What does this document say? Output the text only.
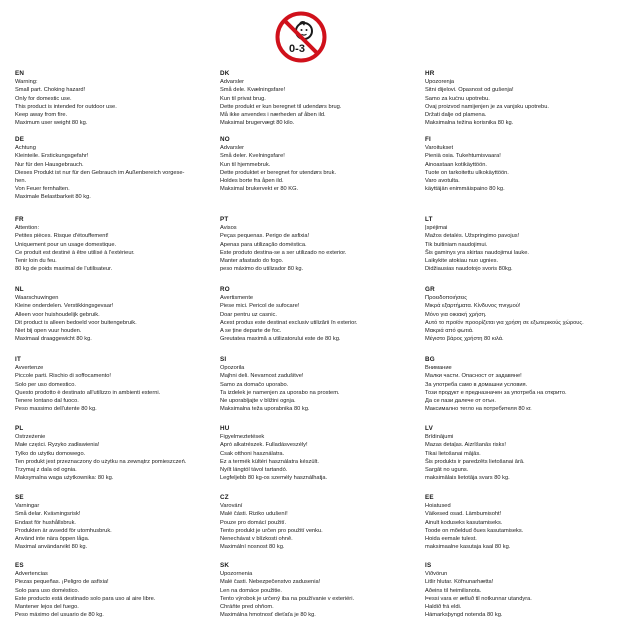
0-3
EN
Warning:
Small part. Choking hazard!
Only for domestic use.
This product is intended for outdoor use.
Keep away from fire.
Maximum user weight 80 kg.
DE
Achtung
Kleinteile. Erstickungsgefahr!
Nur für den Hausgebrauch.
Dieses Produkt ist nur für den Gebrauch im Außenbereich vorgese-
hen.
Von Feuer fernhalten.
Maximale Belastbarkeit 80 kg.
FR
Attention:
Petites pièces. Risque d'étouffement!
Uniquement pour un usage domestique.
Ce produit est destiné à être utilisé à l'extérieur.
Tenir loin du feu.
80 kg de poids maximal de l'utilisateur.
NL
Waarschuwingen
Kleine onderdelen. Verstikkingsgevaar!
Alleen voor huishoudelijk gebruik.
Dit product is alleen bedoeld voor buitengebruik.
Niet bij open vuur houden.
Maximaal draaggewicht 80 kg.
IT
Avvertenze
Piccole parti. Rischio di soffocamento!
Solo per uso domestico.
Questo prodotto è destinato all'utilizzo in ambienti esterni.
Tenere lontano dal fuoco.
Peso massimo dell'utente 80 kg.
PL
Ostrzeżenie
Małe części. Ryzyko zadławienia!
Tylko do użytku domowego.
Ten produkt jest przeznaczony do użytku na zewnątrz pomieszczeń.
Trzymaj z dala od ognia.
Maksymalna waga użytkownika: 80 kg.
SE
Varningar
Små delar. Kvävningsrisk!
Endast för hushållsbruk.
Produkten är avsedd för utomhusbruk.
Använd inte nära öppen låga.
Maximal användarvikt 80 kg.
ES
Advertencias
Piezas pequeñas. ¡Peligro de asfixia!
Solo para uso doméstico.
Este producto está destinado solo para uso al aire libre.
Mantener lejos del fuego.
Peso máximo del usuario de 80 kg.
DK
Advarsler
Små dele. Kvælningsfare!
Kun til privat brug.
Dette produkt er kun beregnet til udendørs brug.
Må ikke anvendes i nærheden af åben ild.
Maksimal brugervægt 80 kilo.
NO
Advarsler
Små deler. Kvelningsfare!
Kun til hjemmebruk.
Dette produktet er beregnet for utendørs bruk.
Holdes borte fra åpen ild.
Maksimal brukervekt er 80 KG.
PT
Avisos
Peças pequenas. Perigo de asfixia!
Apenas para utilização doméstica.
Este produto destina-se a ser utilizado no exterior.
Manter afastado do fogo.
peso máximo do utilizador 80 kg.
RO
Avertismente
Piese mici. Pericol de sufocare!
Doar pentru uz casnic.
Acest produs este destinat exclusiv utilizării în exterior.
A se ține departe de foc.
Greutatea maximă a utilizatorului este de 80 kg.
SI
Opozorila
Majhni deli. Nevarnost zadušitve!
Samo za domačo uporabo.
Ta izdelek je namenjen za uporabo na prostem.
Ne uporabljajte v bližini ognja.
Maksimalna teža uporabnika 80 kg.
HU
Figyelmeztetések
Apró alkatrészek. Fulladásveszély!
Csak otthoni használatra.
Ez a termék kültéri használatra készült.
Nyílt lángtól távol tartandó.
Legfeljebb 80 kg-os személy használhatja.
CZ
Varování
Malé části. Riziko udušení!
Pouze pro domácí použití.
Tento produkt je určen pro použití venku.
Nenechávat v blízkosti ohně.
Maximální nosnost 80 kg.
SK
Upozornenia
Malé časti. Nebezpečenstvo zadusenia!
Len na domáce použitie.
Tento výrobok je určený iba na používanie v exteriéri.
Chráňte pred ohňom.
Maximálna hmotnosť dieťaťa je 80 kg.
HR
Upozorenja
Sitni dijelovi. Opasnost od gušenja!
Samo za kućnu upotrebu.
Ovaj proizvod namijenjen je za vanjsku upotrebu.
Držati dalje od plamena.
Maksimalna težina korisnika 80 kg.
FI
Varoitukset
Pieniä osia. Tukehtumisvaara!
Ainoastaan kotikäyttöön.
Tuote on tarkoitettu ulkokäyttöön.
Varo avotulta.
käyttäjän enimmäispaino 80 kg.
LT
Įspėjimai
Mažos detalės. Užspringimo pavojus!
Tik buitiniam naudojimui.
Šis gaminys yra skirtas naudojimui lauke.
Laikykite atokiau nuo ugnies.
Didžiausias naudotojo svoris 80kg.
GR
Προειδοποιήσεις
Μικρά εξαρτήματα. Κίνδυνος πνιγμού!
Μόνο για οικιακή χρήση.
Αυτό το προϊόν προορίζεται για χρήση σε εξωτερικούς χώρους.
Μακριά από φωτιά.
Μέγιστο βάρος χρήστη 80 κιλά.
BG
Внимание
Малки части. Опасност от задавяне!
За употреба само в домашни условия.
Този продукт е предназначен за употреба на открито.
Да се пази далече от огън.
Максимално тегло на потребителя 80 кг.
LV
Brīdinājumi
Mazas detaļas. Aizrīšanās risks!
Tikai lietošanai mājās.
Šis produkts ir paredzēts lietošanai ārā.
Sargāt no uguns.
maksimālais lietotāja svars 80 kg.
EE
Hoiatused
Väikesed osad. Lämbumisoht!
Ainult koduseks kasutamiseks.
Toode on mõeldud õues kasutamiseks.
Hoida eemale tulest.
maksimaalne kasutaja kaal 80 kg.
IS
Viðvörun
Litlir hlutar. Köfnunarhætta!
Aðeins til heimilisnota.
Þessi vara er ætluð til notkunnar utandyra.
Haldið frá eldi.
Hámarksþyngd notenda 80 kg.
